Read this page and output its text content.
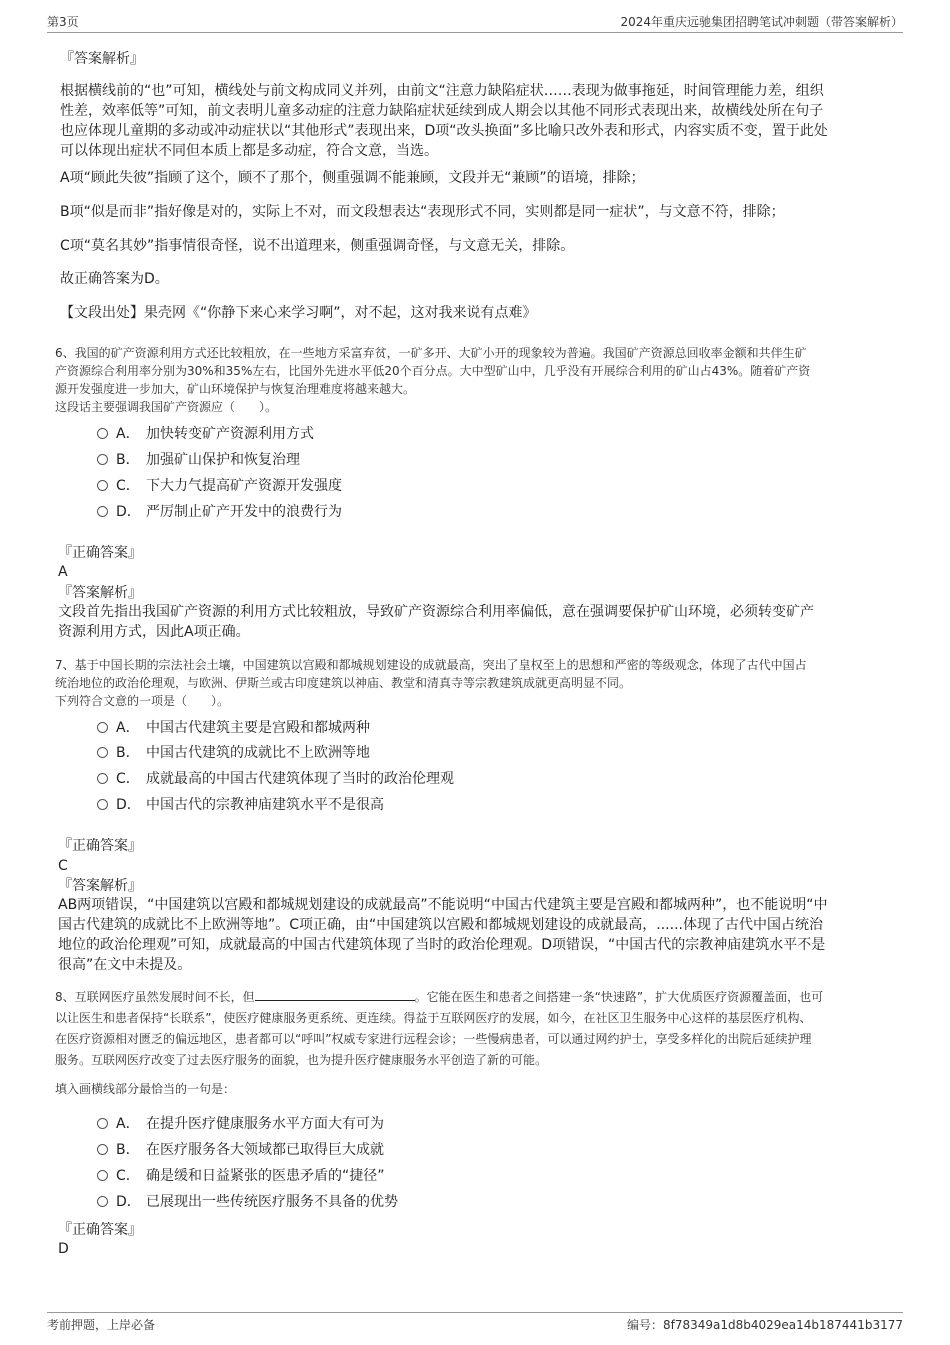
第3页	2024年重庆远驰集团招聘笔试冲刺题（带答案解析）
『答案解析』
根据横线前的“也”可知，横线处与前文构成同义并列，由前文“注意力缺陷症状……表现为做事拖延，时间管理能力差，组织
性差，效率低等”可知，前文表明儿童多动症的注意力缺陷症状延续到成人期会以其他不同形式表现出来，故横线处所在句子
也应体现儿童期的多动或冲动症状以“其他形式”表现出来，D项“改头换面”多比喻只改外表和形式，内容实质不变，置于此处
可以体现出症状不同但本质上都是多动症，符合文意，当选。
A项“顾此失彼”指顾了这个，顾不了那个，侧重强调不能兼顾，文段并无“兼顾”的语境，排除；
B项“似是而非”指好像是对的，实际上不对，而文段想表达“表现形式不同，实则都是同一症状”，与文意不符，排除；
C项“莫名其妙”指事情很奇怪，说不出道理来，侧重强调奇怪，与文意无关，排除。
故正确答案为D。
【文段出处】果壳网《“你静下来心来学习啊”，对不起，这对我来说有点难》
6、我国的矿产资源利用方式还比较粗放，在一些地方采富弃贫，一矿多开、大矿小开的现象较为普遍。我国矿产资源总回收率金额和共伴生矿
产资源综合利用率分别为30%和35%左右，比国外先进水平低20个百分点。大中型矿山中，几乎没有开展综合利用的矿山占43%。随着矿产资
源开发强度进一步加大，矿山环境保护与恢复治理难度将越来越大。
这段话主要强调我国矿产资源应（　　）。
A． 加快转变矿产资源利用方式
B． 加强矿山保护和恢复治理
C． 下大力气提高矿产资源开发强度
D． 严厉制止矿产开发中的浪费行为
『正确答案』
A
『答案解析』
文段首先指出我国矿产资源的利用方式比较粗放，导致矿产资源综合利用率偏低，意在强调要保护矿山环境，必须转变矿产
资源利用方式，因此A项正确。
7、基于中国长期的宗法社会土壤，中国建筑以宫殿和都城规划建设的成就最高，突出了皇权至上的思想和严密的等级观念，体现了古代中国占
统治地位的政治伦理观，与欧洲、伊斯兰或古印度建筑以神庙、教堂和清真寺等宗教建筑成就更高明显不同。
下列符合文意的一项是（　　）。
A． 中国古代建筑主要是宫殿和都城两种
B． 中国古代建筑的成就比不上欧洲等地
C． 成就最高的中国古代建筑体现了当时的政治伦理观
D． 中国古代的宗教神庙建筑水平不是很高
『正确答案』
C
『答案解析』
AB两项错误，“中国建筑以宫殿和都城规划建设的成就最高”不能说明“中国古代建筑主要是宫殿和都城两种”，也不能说明“中
国古代建筑的成就比不上欧洲等地”。C项正确，由“中国建筑以宫殿和都城规划建设的成就最高，......体现了古代中国占统治
地位的政治伦理观”可知，成就最高的中国古代建筑体现了当时的政治伦理观。D项错误，“中国古代的宗教神庙建筑水平不是
很高”在文中未提及。
8、互联网医疗虽然发展时间不长，但	。它能在医生和患者之间搭建一条“快速路”，扩大优质医疗资源覆盖面，也可
以让医生和患者保持“长联系”，使医疗健康服务更系统、更连续。得益于互联网医疗的发展，如今，在社区卫生服务中心这样的基层医疗机构、
在医疗资源相对匮乏的偏远地区，患者都可以“呼叫”权威专家进行远程会诊；一些慢病患者，可以通过网约护士，享受多样化的出院后延续护理
服务。互联网医疗改变了过去医疗服务的面貌，也为提升医疗健康服务水平创造了新的可能。
填入画横线部分最恰当的一句是：
A． 在提升医疗健康服务水平方面大有可为
B． 在医疗服务各大领域都已取得巨大成就
C． 确是缓和日益紧张的医患矛盾的“捷径”
D． 已展现出一些传统医疗服务不具备的优势
『正确答案』
D
考前押题，上岸必备	编号：8f78349a1d8b4029ea14b187441b3177
